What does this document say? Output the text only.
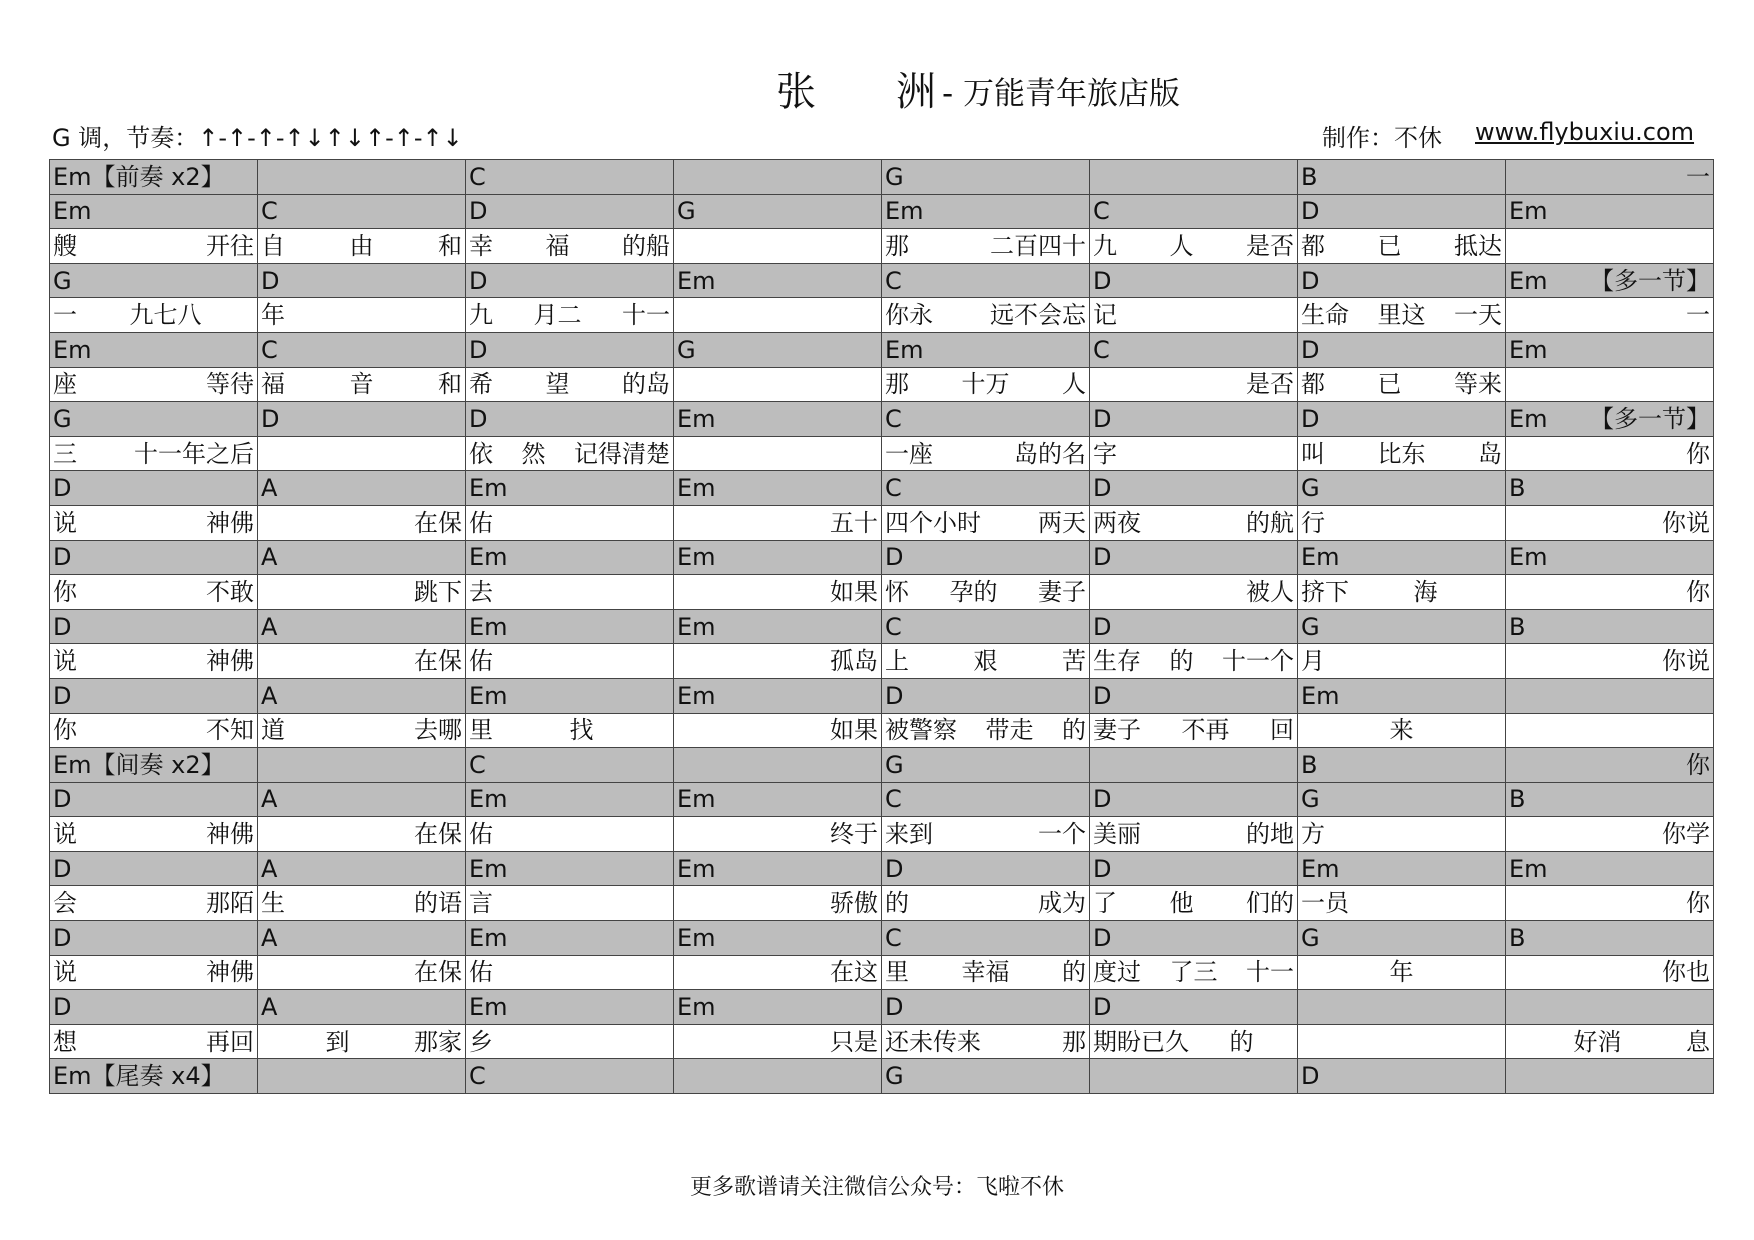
张　　洲 - 万能青年旅店版
G 调，节奏：↑-↑-↑-↑↓↑↓↑-↑-↑↓	制作：不休 www.flybuxiu.com
Em【前奏 x2】		C		G		B	一

Em	C	D	G	Em	C	D	Em

艘 开往	自 由 和	幸 福 的船		那 二百四十	九 人 是否	都 已 抵达	

G	D	D	Em	C	D	D	Em 【多一节】

一 九七八	年	九 月二 十一		你永 远不会忘	记	生命 里这 一天	一

Em	C	D	G	Em	C	D	Em

座 等待	福 音 和	希 望 的岛		那 十万 人	是否	都 已 等来	

G	D	D	Em	C	D	D	Em 【多一节】

三 十一年之后		依 然 记得清楚		一座 岛的名	字	叫 比东 岛	你

D	A	Em	Em	C	D	G	B

说 神佛	在保	佑	五十	四个小时 两天	两夜 的航	行	你说

D	A	Em	Em	D	D	Em	Em

你 不敢	跳下	去	如果	怀 孕的 妻子	被人	挤下 海	你

D	A	Em	Em	C	D	G	B

说 神佛	在保	佑	孤岛	上 艰 苦	生存 的 十一个	月	你说

D	A	Em	Em	D	D	Em	

你 不知	道 去哪	里 找	如果	被警察 带走 的	妻子 不再 回	来	

Em【间奏 x2】		C		G		B	你

D	A	Em	Em	C	D	G	B

说 神佛	在保	佑	终于	来到 一个	美丽 的地	方	你学

D	A	Em	Em	D	D	Em	Em

会 那陌	生 的语	言	骄傲	的 成为	了 他 们的	一员	你

D	A	Em	Em	C	D	G	B

说 神佛	在保	佑	在这	里 幸福 的	度过 了三 十一	年	你也

D	A	Em	Em	D	D		

想 再回	到 那家	乡	只是	还未传来 那	期盼已久 的		好消 息

Em【尾奏 x4】		C		G		D	
更多歌谱请关注微信公众号：飞啦不休
